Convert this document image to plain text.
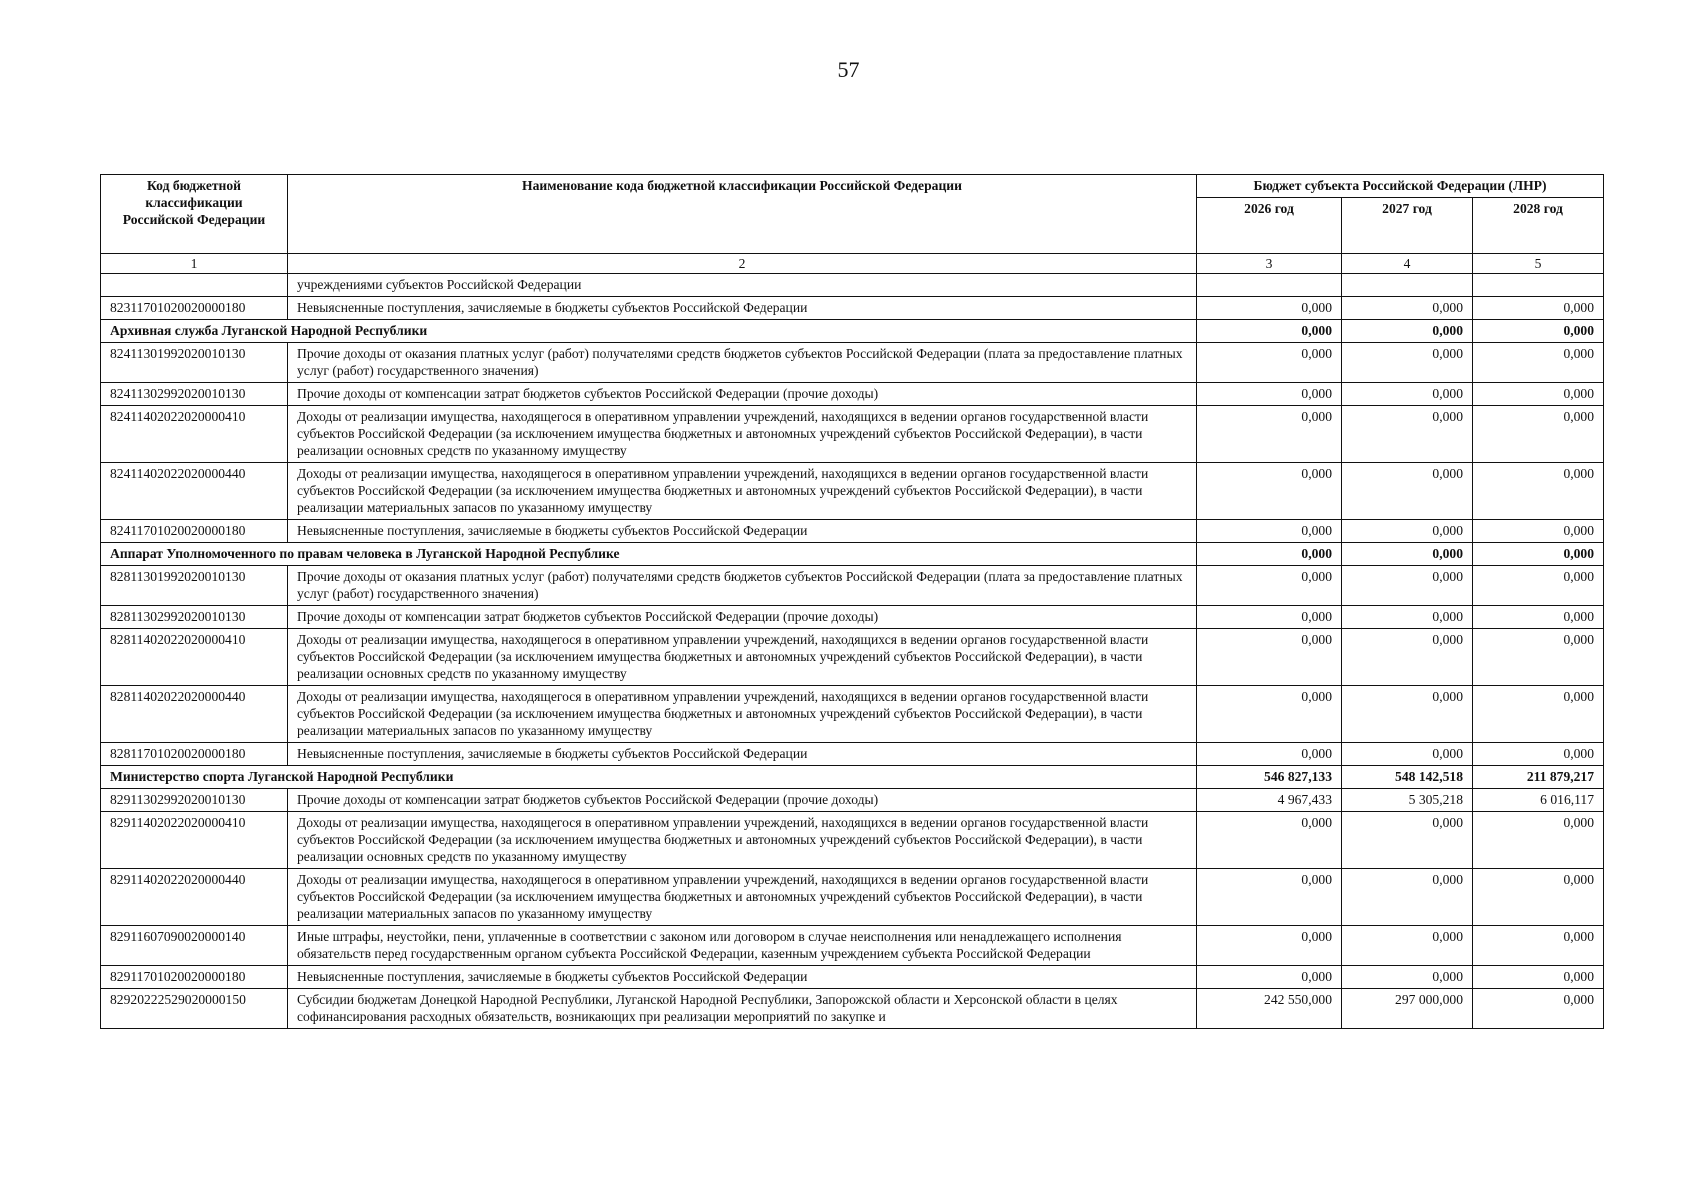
57
Код бюджетной классификации Российской Федерации	Наименование кода бюджетной классификации Российской Федерации	Бюджет субъекта Российской Федерации (ЛНР)		
		2026 год	2027 год	2028 год
1	2	3	4	5
	учреждениями субъектов Российской Федерации			
82311701020020000180	Невыясненные поступления, зачисляемые в бюджеты субъектов Российской Федерации	0,000	0,000	0,000
Архивная служба Луганской Народной Республики		0,000	0,000	0,000
82411301992020010130	Прочие доходы от оказания платных услуг (работ) получателями средств бюджетов субъектов Российской Федерации (плата за предоставление платных услуг (работ) государственного значения)	0,000	0,000	0,000
82411302992020010130	Прочие доходы от компенсации затрат бюджетов субъектов Российской Федерации (прочие доходы)	0,000	0,000	0,000
82411402022020000410	Доходы от реализации имущества, находящегося в оперативном управлении учреждений, находящихся в ведении органов государственной власти субъектов Российской Федерации (за исключением имущества бюджетных и автономных учреждений субъектов Российской Федерации), в части реализации основных средств по указанному имуществу	0,000	0,000	0,000
82411402022020000440	Доходы от реализации имущества, находящегося в оперативном управлении учреждений, находящихся в ведении органов государственной власти субъектов Российской Федерации (за исключением имущества бюджетных и автономных учреждений субъектов Российской Федерации), в части реализации материальных запасов по указанному имуществу	0,000	0,000	0,000
82411701020020000180	Невыясненные поступления, зачисляемые в бюджеты субъектов Российской Федерации	0,000	0,000	0,000
Аппарат Уполномоченного по правам человека в Луганской Народной Республике		0,000	0,000	0,000
82811301992020010130	Прочие доходы от оказания платных услуг (работ) получателями средств бюджетов субъектов Российской Федерации (плата за предоставление платных услуг (работ) государственного значения)	0,000	0,000	0,000
82811302992020010130	Прочие доходы от компенсации затрат бюджетов субъектов Российской Федерации (прочие доходы)	0,000	0,000	0,000
82811402022020000410	Доходы от реализации имущества, находящегося в оперативном управлении учреждений, находящихся в ведении органов государственной власти субъектов Российской Федерации (за исключением имущества бюджетных и автономных учреждений субъектов Российской Федерации), в части реализации основных средств по указанному имуществу	0,000	0,000	0,000
82811402022020000440	Доходы от реализации имущества, находящегося в оперативном управлении учреждений, находящихся в ведении органов государственной власти субъектов Российской Федерации (за исключением имущества бюджетных и автономных учреждений субъектов Российской Федерации), в части реализации материальных запасов по указанному имуществу	0,000	0,000	0,000
82811701020020000180	Невыясненные поступления, зачисляемые в бюджеты субъектов Российской Федерации	0,000	0,000	0,000
Министерство спорта Луганской Народной Республики		546 827,133	548 142,518	211 879,217
82911302992020010130	Прочие доходы от компенсации затрат бюджетов субъектов Российской Федерации (прочие доходы)	4 967,433	5 305,218	6 016,117
82911402022020000410	Доходы от реализации имущества, находящегося в оперативном управлении учреждений, находящихся в ведении органов государственной власти субъектов Российской Федерации (за исключением имущества бюджетных и автономных учреждений субъектов Российской Федерации), в части реализации основных средств по указанному имуществу	0,000	0,000	0,000
82911402022020000440	Доходы от реализации имущества, находящегося в оперативном управлении учреждений, находящихся в ведении органов государственной власти субъектов Российской Федерации (за исключением имущества бюджетных и автономных учреждений субъектов Российской Федерации), в части реализации материальных запасов по указанному имуществу	0,000	0,000	0,000
82911607090020000140	Иные штрафы, неустойки, пени, уплаченные в соответствии с законом или договором в случае неисполнения или ненадлежащего исполнения обязательств перед государственным органом субъекта Российской Федерации, казенным учреждением субъекта Российской Федерации	0,000	0,000	0,000
82911701020020000180	Невыясненные поступления, зачисляемые в бюджеты субъектов Российской Федерации	0,000	0,000	0,000
82920222529020000150	Субсидии бюджетам Донецкой Народной Республики, Луганской Народной Республики, Запорожской области и Херсонской области в целях софинансирования расходных обязательств, возникающих при реализации мероприятий по закупке и	242 550,000	297 000,000	0,000
